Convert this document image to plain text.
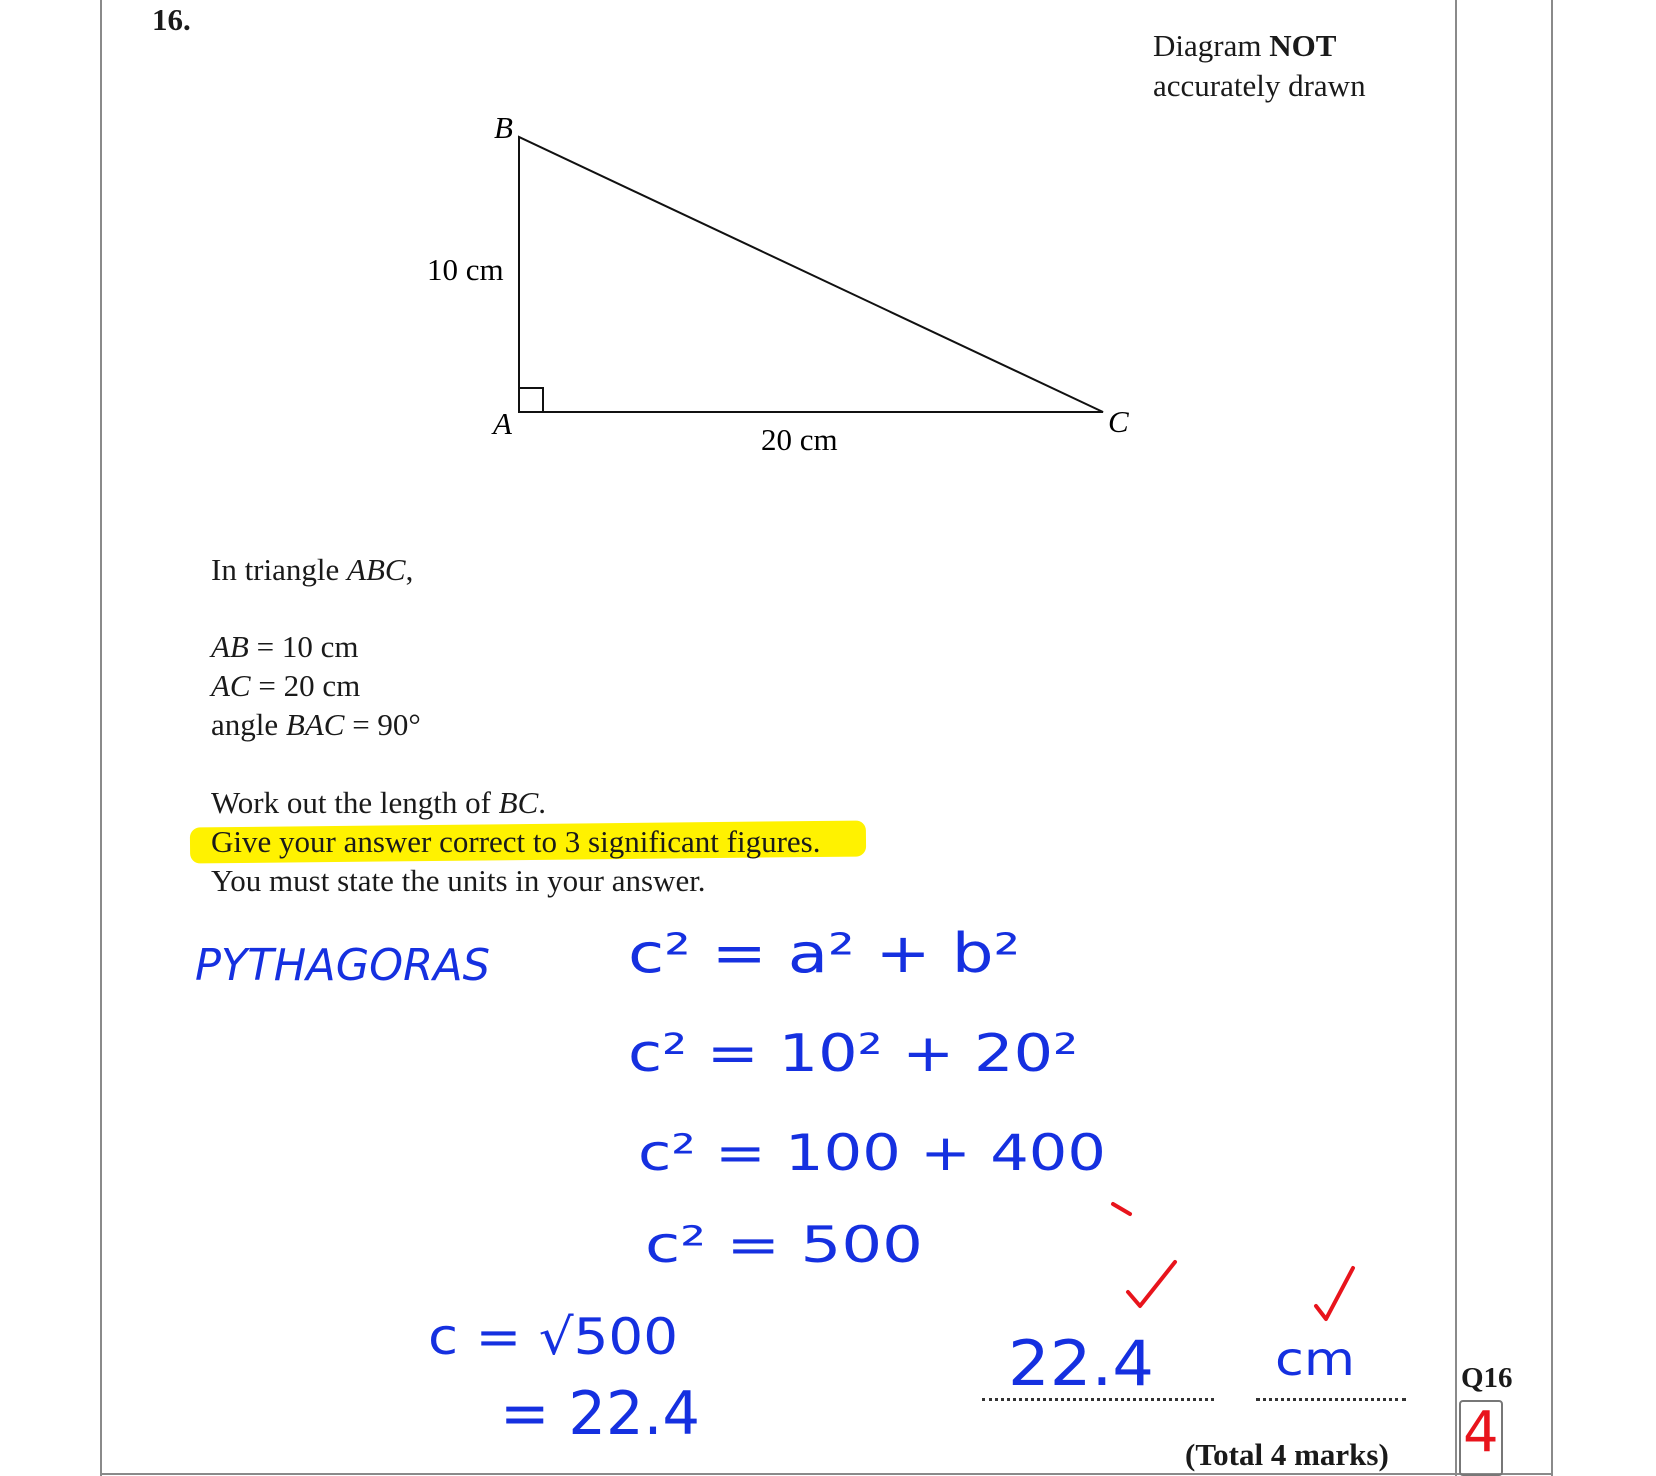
16.
Diagram NOT
accurately drawn
B
A	C
10 cm
20 cm
In triangle ABC,
AB = 10 cm
AC = 20 cm
angle BAC = 90°
Work out the length of BC.
Give your answer correct to 3 significant figures.
You must state the units in your answer.
PYTHAGORAS	c² = a² + b²
c² = 10² + 20²
c² = 100 + 400
c² = 500
c = √500
= 22.4
22.4	cm	Q16
4
(Total 4 marks)
